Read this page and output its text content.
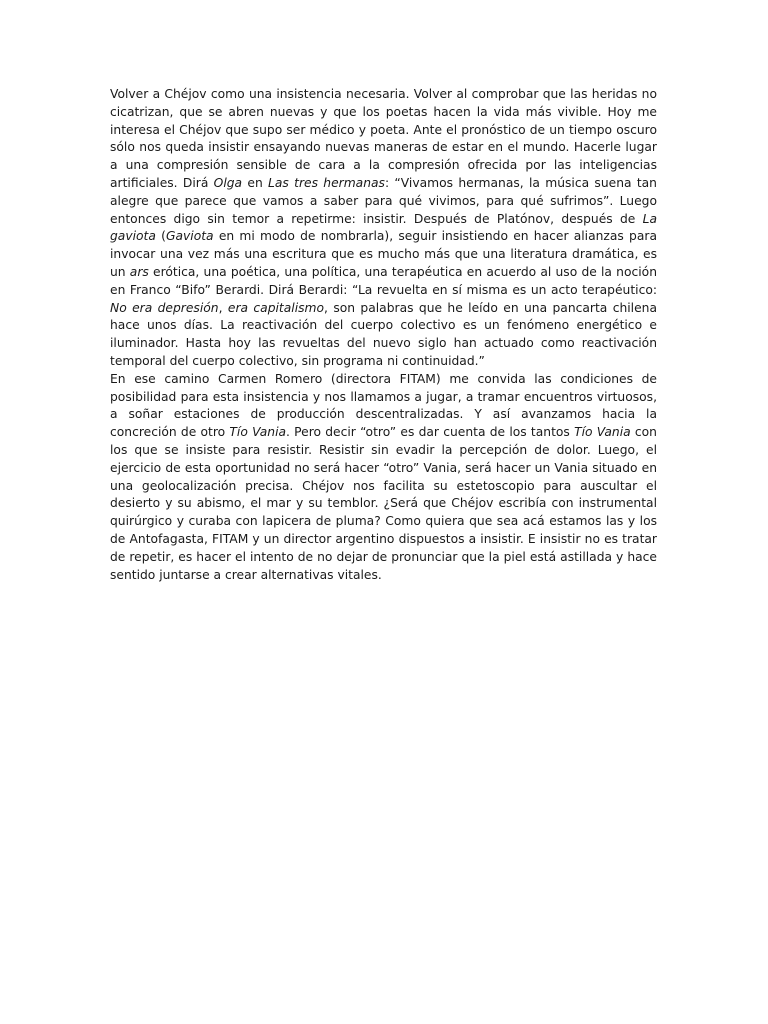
Volver a Chéjov como una insistencia necesaria. Volver al comprobar que las heridas no cicatrizan, que se abren nuevas y que los poetas hacen la vida más vivible. Hoy me interesa el Chéjov que supo ser médico y poeta. Ante el pronóstico de un tiempo oscuro sólo nos queda insistir ensayando nuevas maneras de estar en el mundo. Hacerle lugar a una compresión sensible de cara a la compresión ofrecida por las inteligencias artificiales. Dirá Olga en Las tres hermanas: “Vivamos hermanas, la música suena tan alegre que parece que vamos a saber para qué vivimos, para qué sufrimos”. Luego entonces digo sin temor a repetirme: insistir. Después de Platónov, después de La gaviota (Gaviota en mi modo de nombrarla), seguir insistiendo en hacer alianzas para invocar una vez más una escritura que es mucho más que una literatura dramática, es un ars erótica, una poética, una política, una terapéutica en acuerdo al uso de la noción en Franco “Bifo” Berardi. Dirá Berardi: “La revuelta en sí misma es un acto terapéutico: No era depresión, era capitalismo, son palabras que he leído en una pancarta chilena hace unos días. La reactivación del cuerpo colectivo es un fenómeno energético e iluminador. Hasta hoy las revueltas del nuevo siglo han actuado como reactivación temporal del cuerpo colectivo, sin programa ni continuidad.”

En ese camino Carmen Romero (directora FITAM) me convida las condiciones de posibilidad para esta insistencia y nos llamamos a jugar, a tramar encuentros virtuosos, a soñar estaciones de producción descentralizadas. Y así avanzamos hacia la concreción de otro Tío Vania. Pero decir “otro” es dar cuenta de los tantos Tío Vania con los que se insiste para resistir. Resistir sin evadir la percepción de dolor. Luego, el ejercicio de esta oportunidad no será hacer “otro” Vania, será hacer un Vania situado en una geolocalización precisa. Chéjov nos facilita su estetoscopio para auscultar el desierto y su abismo, el mar y su temblor. ¿Será que Chéjov escribía con instrumental quirúrgico y curaba con lapicera de pluma? Como quiera que sea acá estamos las y los de Antofagasta, FITAM y un director argentino dispuestos a insistir. E insistir no es tratar de repetir, es hacer el intento de no dejar de pronunciar que la piel está astillada y hace sentido juntarse a crear alternativas vitales.
